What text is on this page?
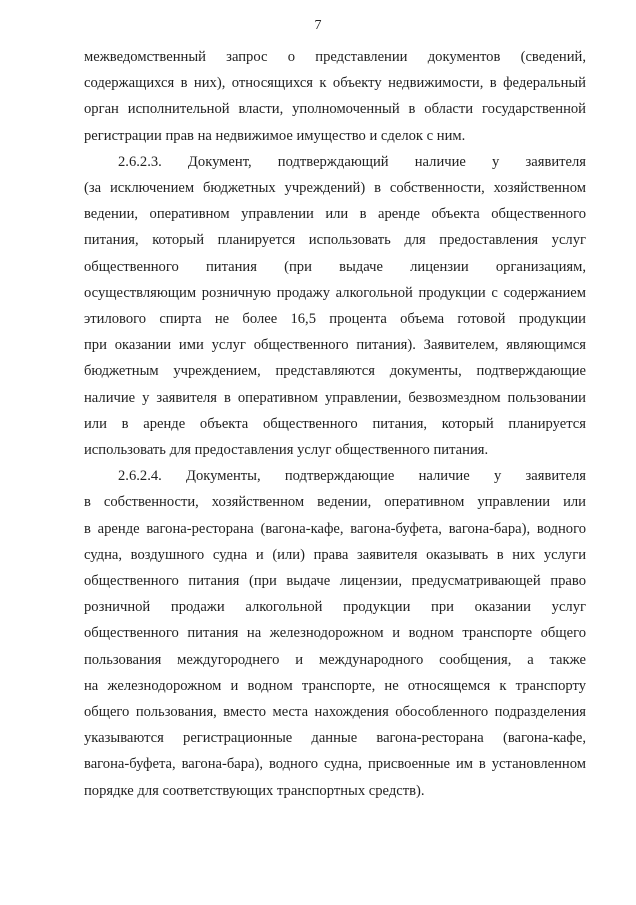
7

межведомственный запрос о представлении документов (сведений,
содержащихся в них), относящихся к объекту недвижимости, в федеральный
орган исполнительной власти, уполномоченный в области государственной
регистрации прав на недвижимое имущество и сделок с ним.

2.6.2.3. Документ, подтверждающий наличие у заявителя
(за исключением бюджетных учреждений) в собственности, хозяйственном
ведении, оперативном управлении или в аренде объекта общественного
питания, который планируется использовать для предоставления услуг
общественного питания (при выдаче лицензии организациям,
осуществляющим розничную продажу алкогольной продукции с содержанием
этилового спирта не более 16,5 процента объема готовой продукции
при оказании ими услуг общественного питания). Заявителем, являющимся
бюджетным учреждением, представляются документы, подтверждающие
наличие у заявителя в оперативном управлении, безвозмездном пользовании
или в аренде объекта общественного питания, который планируется
использовать для предоставления услуг общественного питания.

2.6.2.4. Документы, подтверждающие наличие у заявителя
в собственности, хозяйственном ведении, оперативном управлении или
в аренде вагона-ресторана (вагона-кафе, вагона-буфета, вагона-бара), водного
судна, воздушного судна и (или) права заявителя оказывать в них услуги
общественного питания (при выдаче лицензии, предусматривающей право
розничной продажи алкогольной продукции при оказании услуг
общественного питания на железнодорожном и водном транспорте общего
пользования междугороднего и международного сообщения, а также
на железнодорожном и водном транспорте, не относящемся к транспорту
общего пользования, вместо места нахождения обособленного подразделения
указываются регистрационные данные вагона-ресторана (вагона-кафе,
вагона-буфета, вагона-бара), водного судна, присвоенные им в установленном
порядке для соответствующих транспортных средств).
